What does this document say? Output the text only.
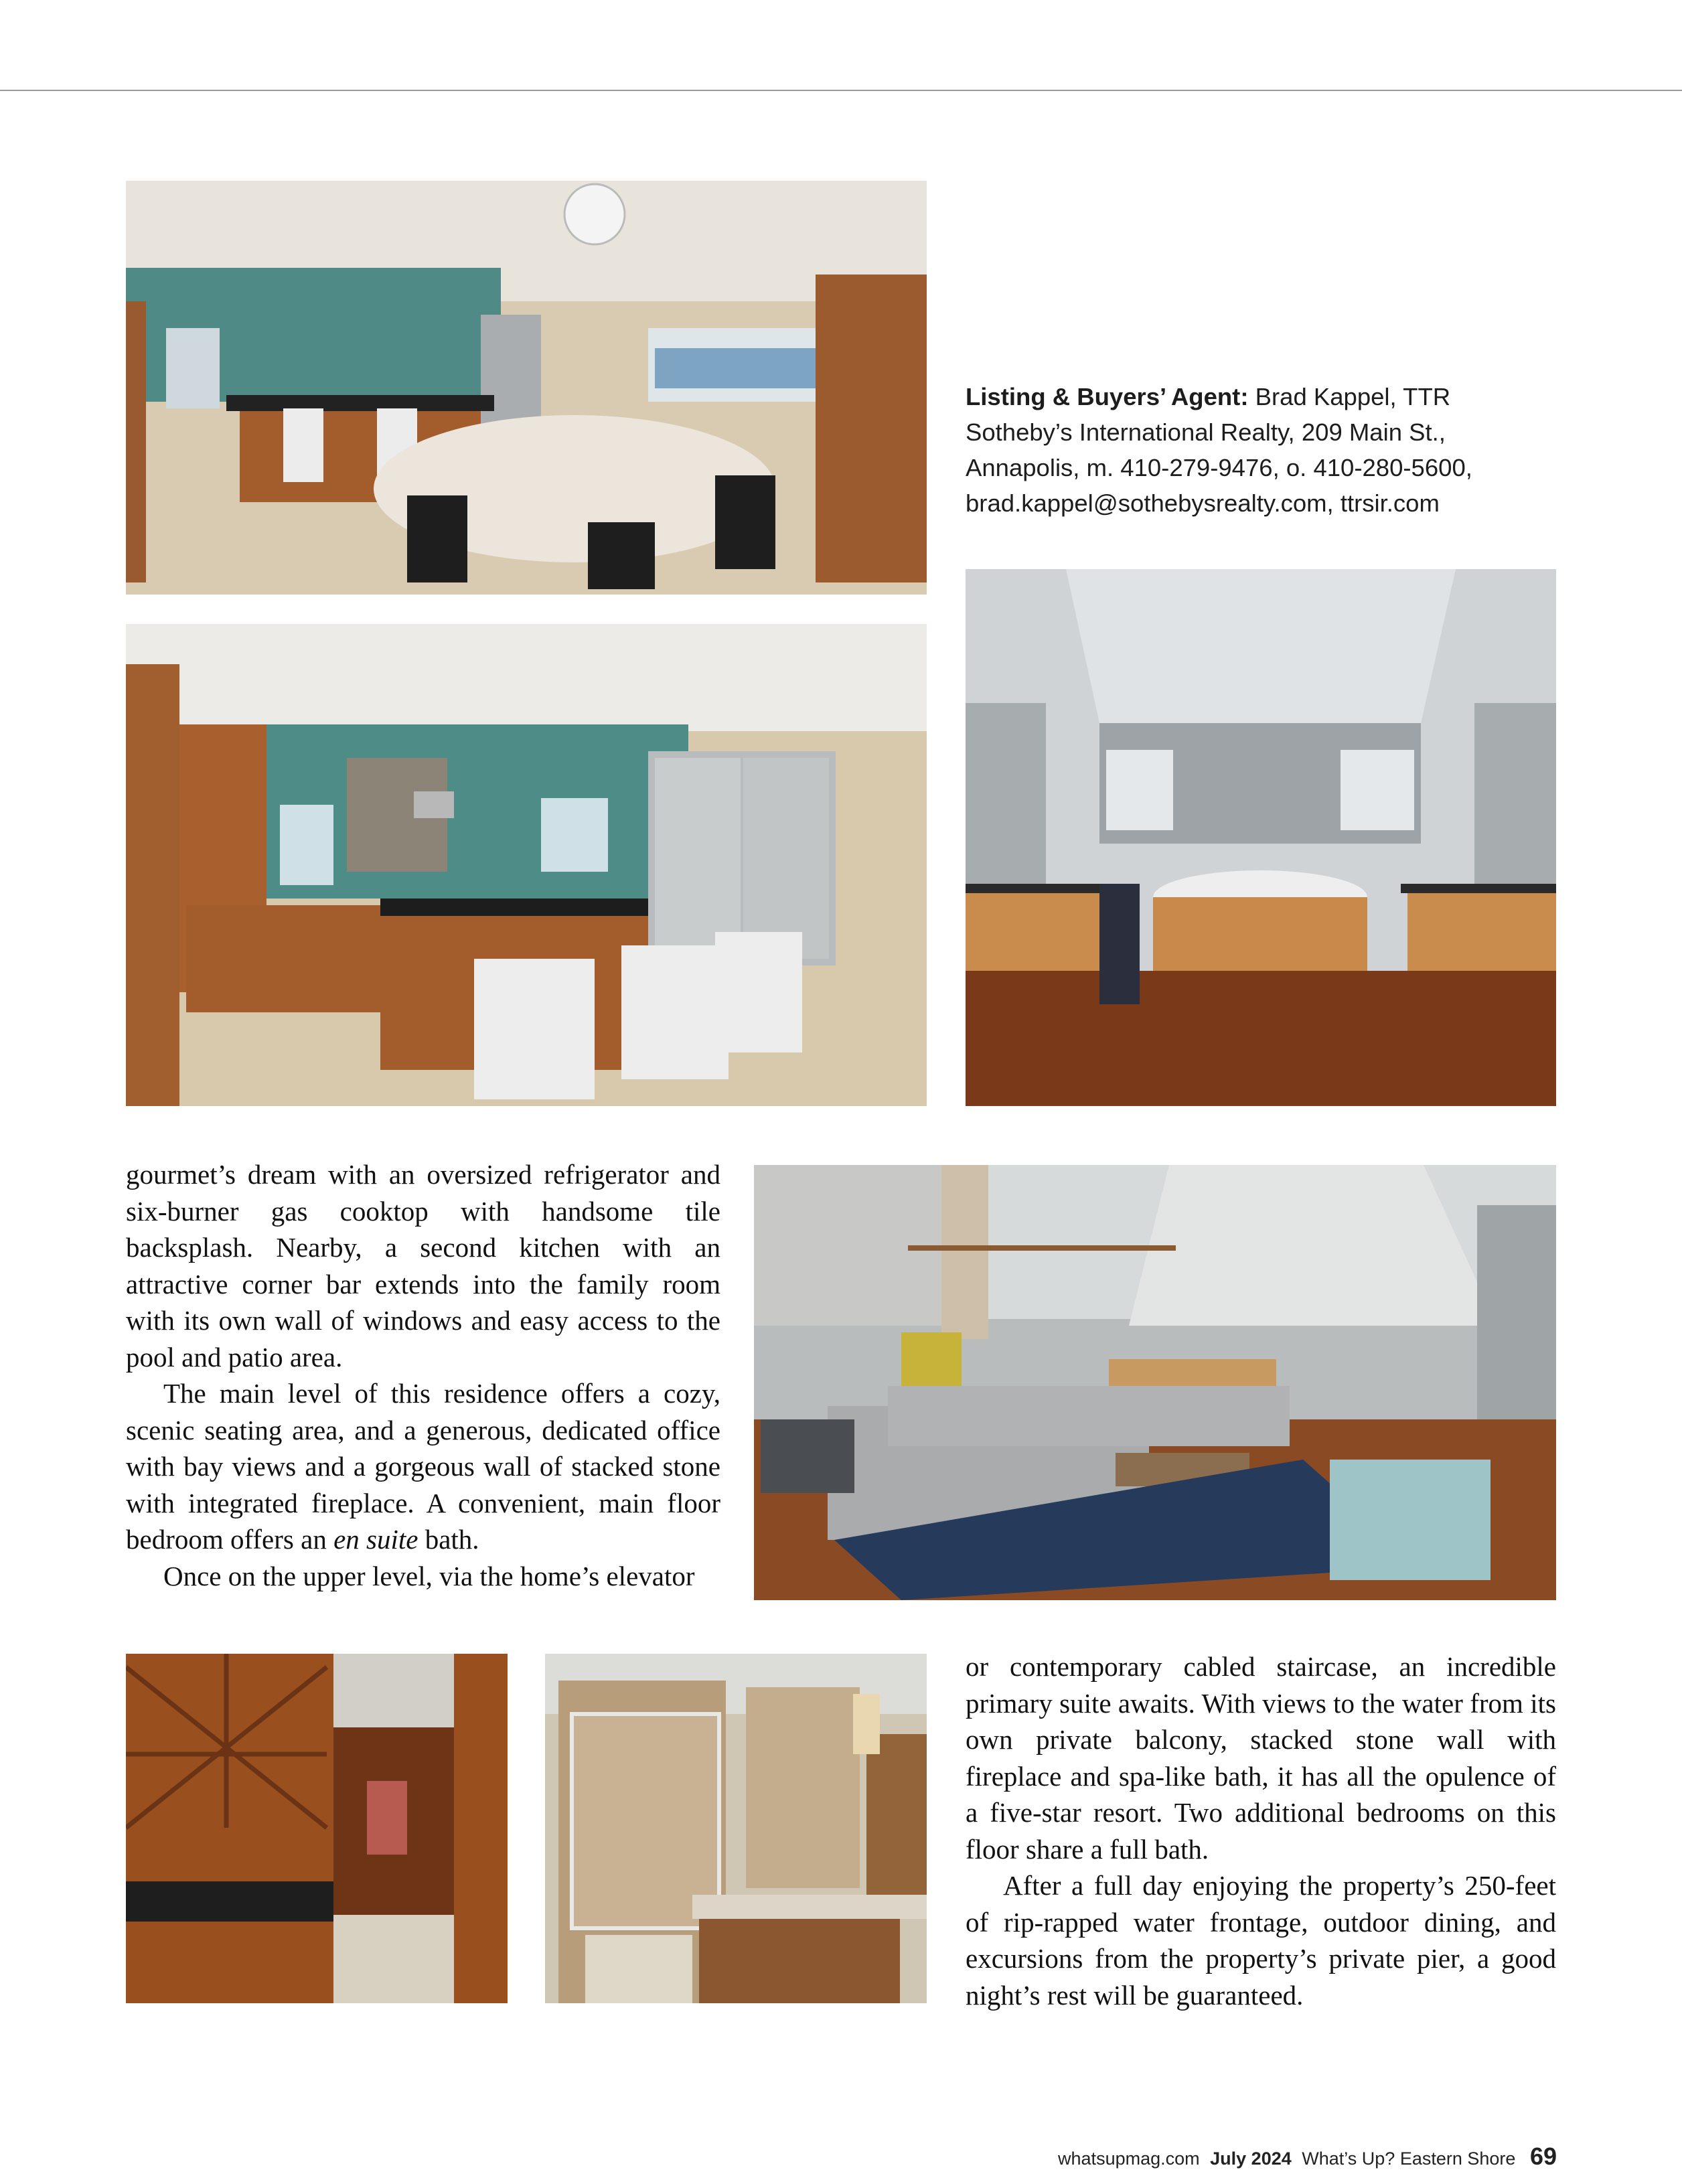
Listing & Buyers’ Agent: Brad Kappel, TTR
Sotheby’s International Realty, 209 Main St.,
Annapolis, m. 410-279-9476, o. 410-280-5600,
brad.kappel@sothebysrealty.com, ttrsir.com

gourmet’s dream with an oversized refrigerator and six-burner gas cooktop with handsome tile backsplash. Nearby, a second kitchen with an attractive corner bar extends into the family room with its own wall of windows and easy access to the pool and patio area.

The main level of this residence offers a cozy, scenic seating area, and a generous, dedicated office with bay views and a gorgeous wall of stacked stone with integrated fireplace. A convenient, main floor bedroom offers an en suite bath.

Once on the upper level, via the home’s elevator

or contemporary cabled staircase, an incredible primary suite awaits. With views to the water from its own private balcony, stacked stone wall with fireplace and spa-like bath, it has all the opulence of a five-star resort. Two additional bedrooms on this floor share a full bath.

After a full day enjoying the property’s 250-feet of rip-rapped water frontage, outdoor dining, and excursions from the property’s private pier, a good night’s rest will be guaranteed.

whatsupmag.com July 2024 What’s Up? Eastern Shore 69
